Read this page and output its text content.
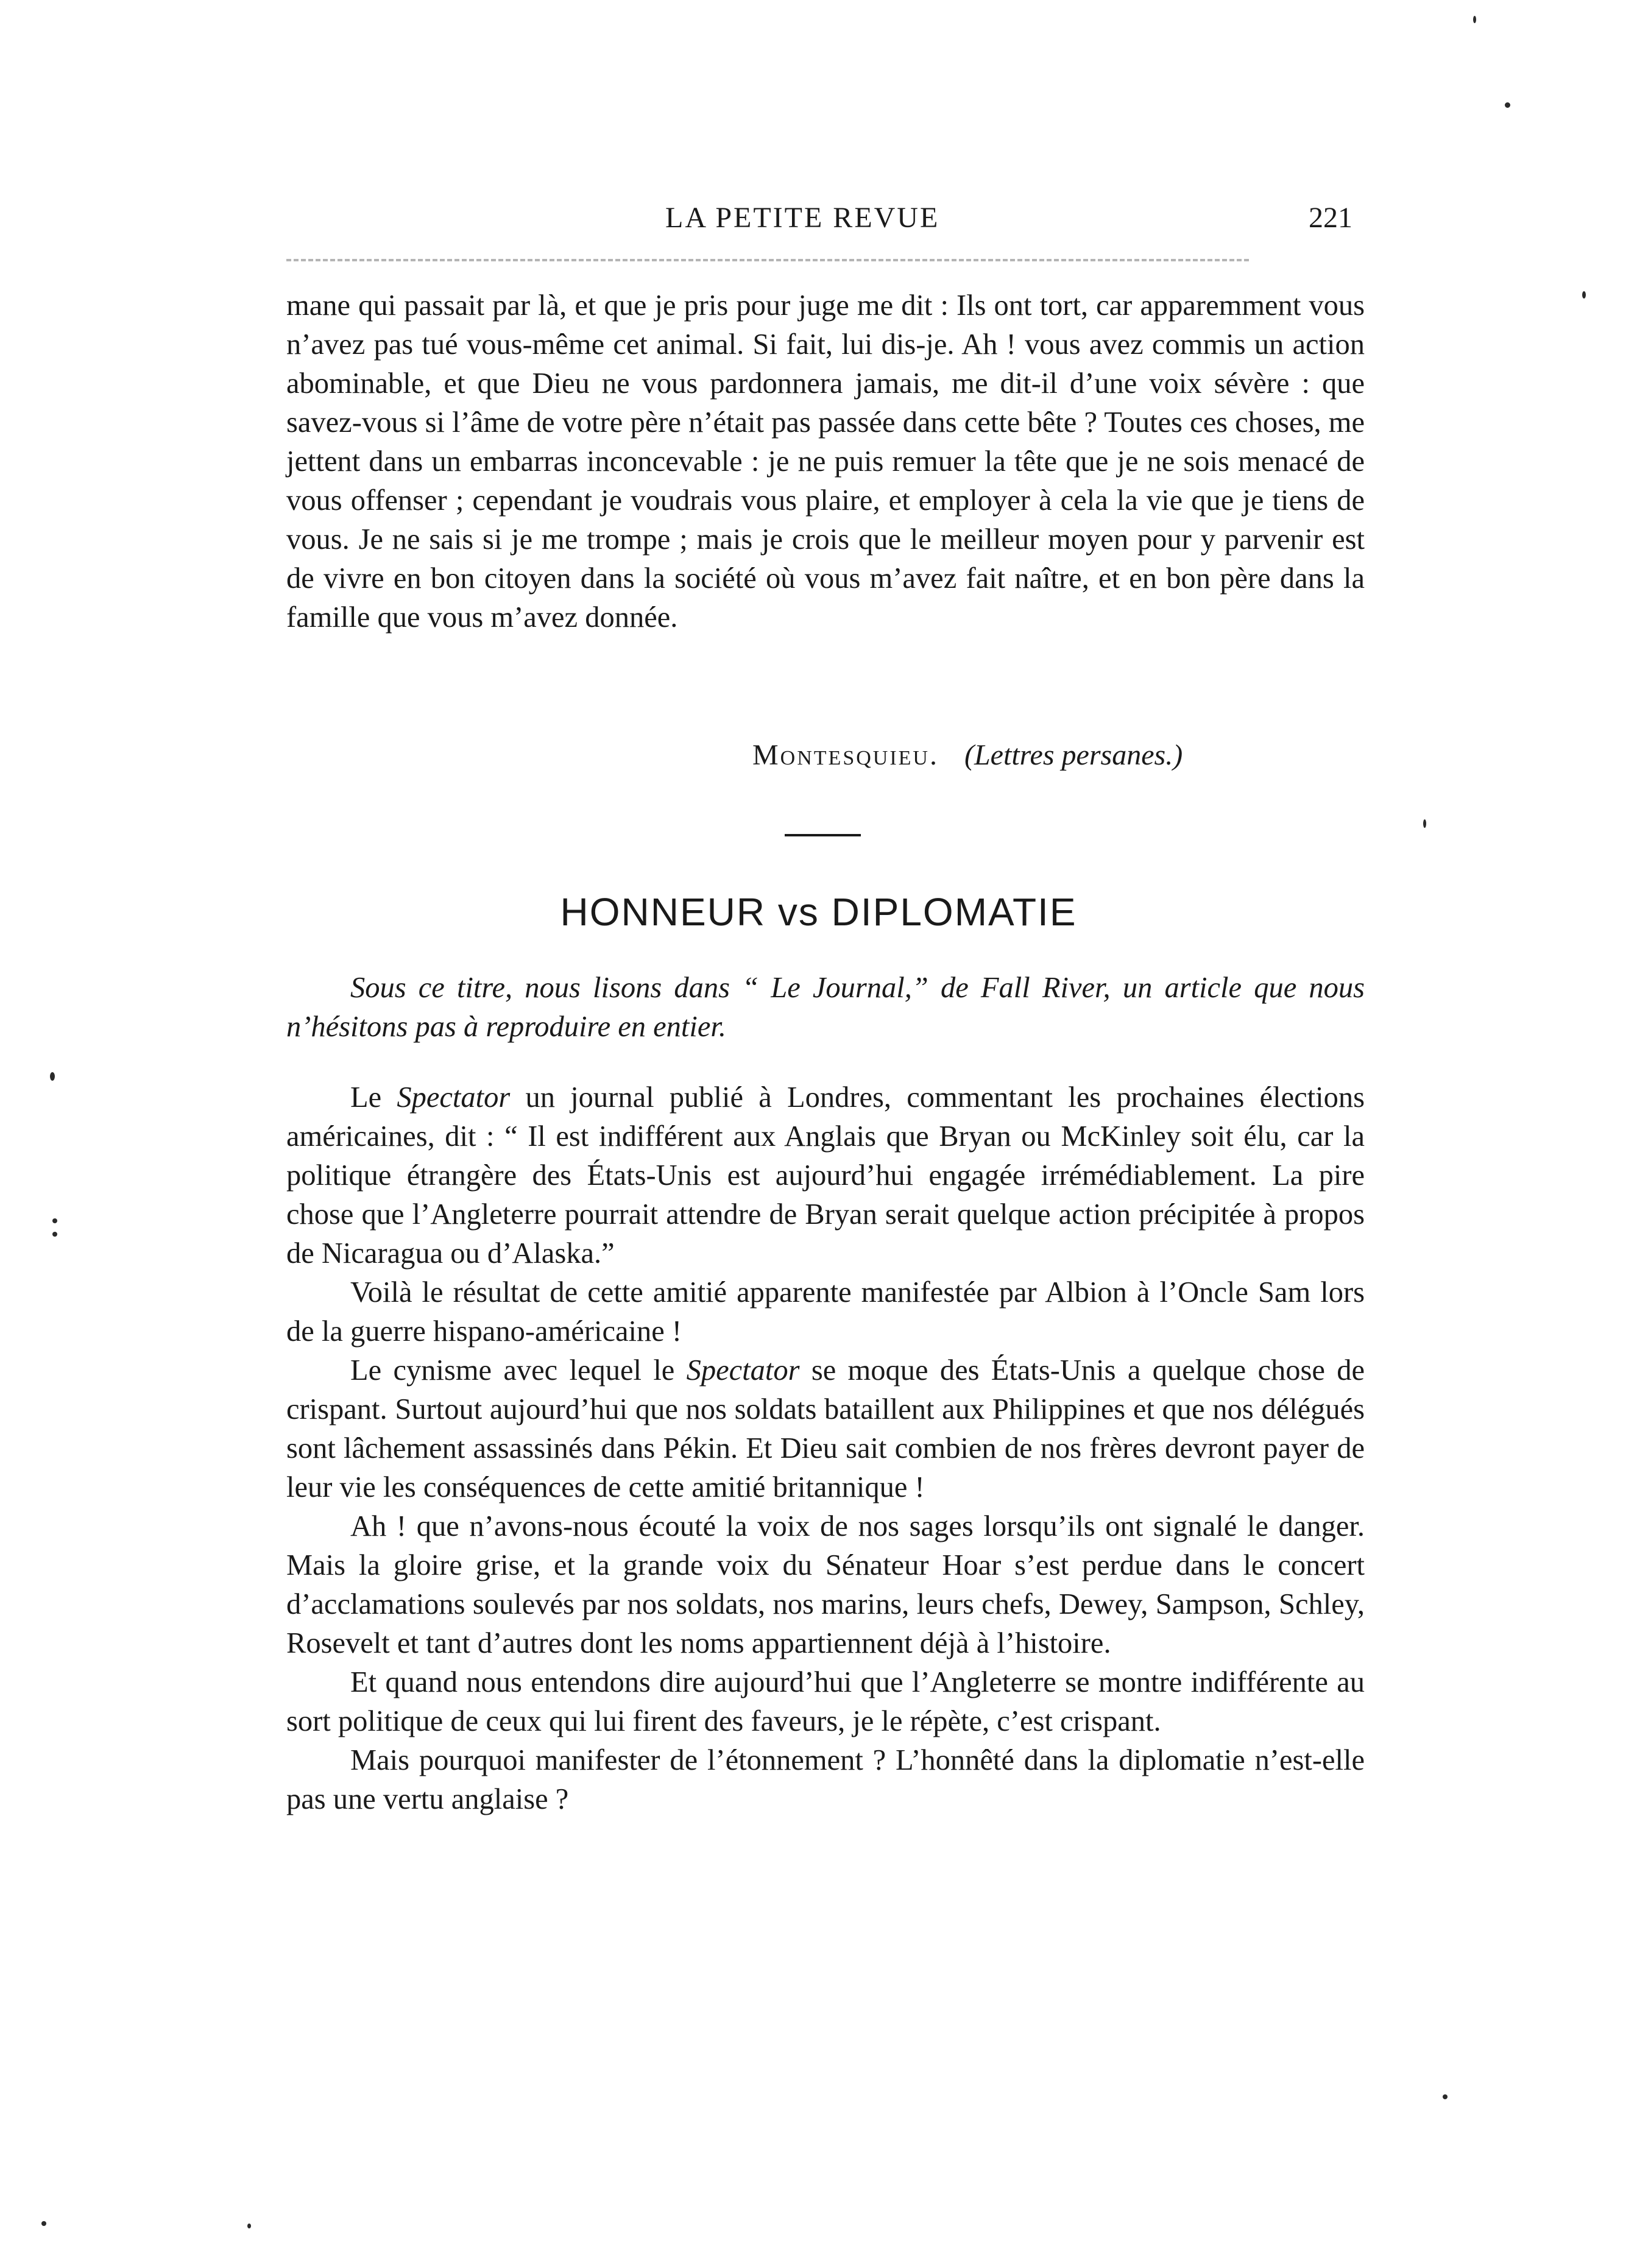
LA PETITE REVUE	221

mane qui passait par là, et que je pris pour juge me dit : Ils ont tort, car apparemment vous n’avez pas tué vous-même cet animal. Si fait, lui dis-je. Ah ! vous avez commis un action abominable, et que Dieu ne vous pardonnera jamais, me dit-il d’une voix sévère : que savez-vous si l’âme de votre père n’était pas passée dans cette bête ? Toutes ces choses, me jettent dans un embarras inconcevable : je ne puis remuer la tête que je ne sois menacé de vous offenser ; cependant je voudrais vous plaire, et employer à cela la vie que je tiens de vous. Je ne sais si je me trompe ; mais je crois que le meilleur moyen pour y parvenir est de vivre en bon citoyen dans la société où vous m’avez fait naître, et en bon père dans la famille que vous m’avez donnée.

Montesquieu. (Lettres persanes.)
HONNEUR vs DIPLOMATIE

Sous ce titre, nous lisons dans “ Le Journal,” de Fall River, un article que nous n’hésitons pas à reproduire en entier.

Le Spectator un journal publié à Londres, commentant les prochaines élections américaines, dit : “ Il est indifférent aux Anglais que Bryan ou McKinley soit élu, car la politique étrangère des États-Unis est aujourd’hui engagée irrémédiablement. La pire chose que l’Angleterre pourrait attendre de Bryan serait quelque action précipitée à propos de Nicaragua ou d’Alaska.”

Voilà le résultat de cette amitié apparente manifestée par Albion à l’Oncle Sam lors de la guerre hispano-américaine !

Le cynisme avec lequel le Spectator se moque des États-Unis a quelque chose de crispant. Surtout aujourd’hui que nos soldats bataillent aux Philippines et que nos délégués sont lâchement assassinés dans Pékin. Et Dieu sait combien de nos frères devront payer de leur vie les conséquences de cette amitié britannique !

Ah ! que n’avons-nous écouté la voix de nos sages lorsqu’ils ont signalé le danger. Mais la gloire grise, et la grande voix du Sénateur Hoar s’est perdue dans le concert d’acclamations soulevés par nos soldats, nos marins, leurs chefs, Dewey, Sampson, Schley, Rosevelt et tant d’autres dont les noms appartiennent déjà à l’histoire.

Et quand nous entendons dire aujourd’hui que l’Angleterre se montre indifférente au sort politique de ceux qui lui firent des faveurs, je le répète, c’est crispant.

Mais pourquoi manifester de l’étonnement ? L’honnêté dans la diplomatie n’est-elle pas une vertu anglaise ?
